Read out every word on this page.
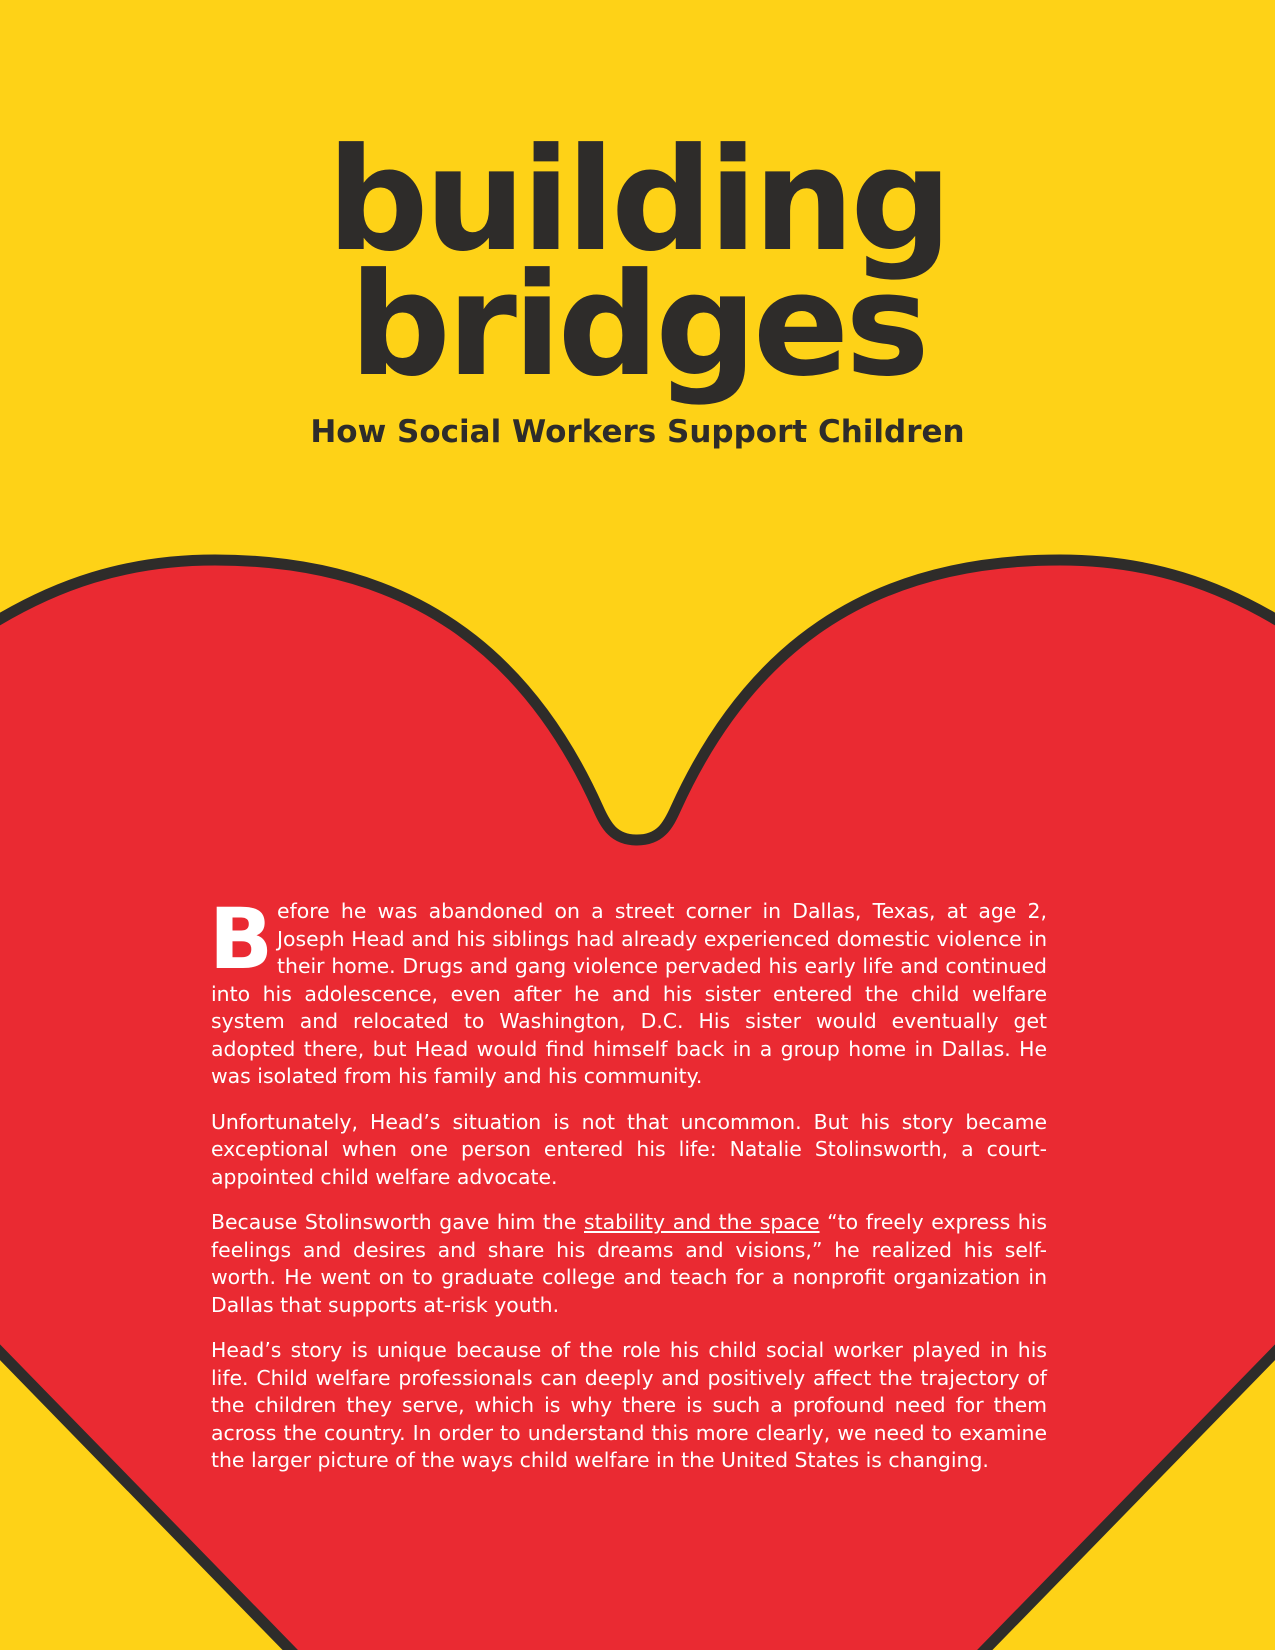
building
bridges
How Social Workers Support Children

Before he was abandoned on a street corner in Dallas, Texas, at age 2, Joseph Head and his siblings had already experienced domestic violence in their home. Drugs and gang violence pervaded his early life and continued into his adolescence, even after he and his sister entered the child welfare system and relocated to Washington, D.C. His sister would eventually get adopted there, but Head would find himself back in a group home in Dallas. He was isolated from his family and his community.

Unfortunately, Head’s situation is not that uncommon. But his story became exceptional when one person entered his life: Natalie Stolinsworth, a court-appointed child welfare advocate.

Because Stolinsworth gave him the stability and the space “to freely express his feelings and desires and share his dreams and visions,” he realized his self-worth. He went on to graduate college and teach for a nonprofit organization in Dallas that supports at-risk youth.

Head’s story is unique because of the role his child social worker played in his life. Child welfare professionals can deeply and positively affect the trajectory of the children they serve, which is why there is such a profound need for them across the country. In order to understand this more clearly, we need to examine the larger picture of the ways child welfare in the United States is changing.
